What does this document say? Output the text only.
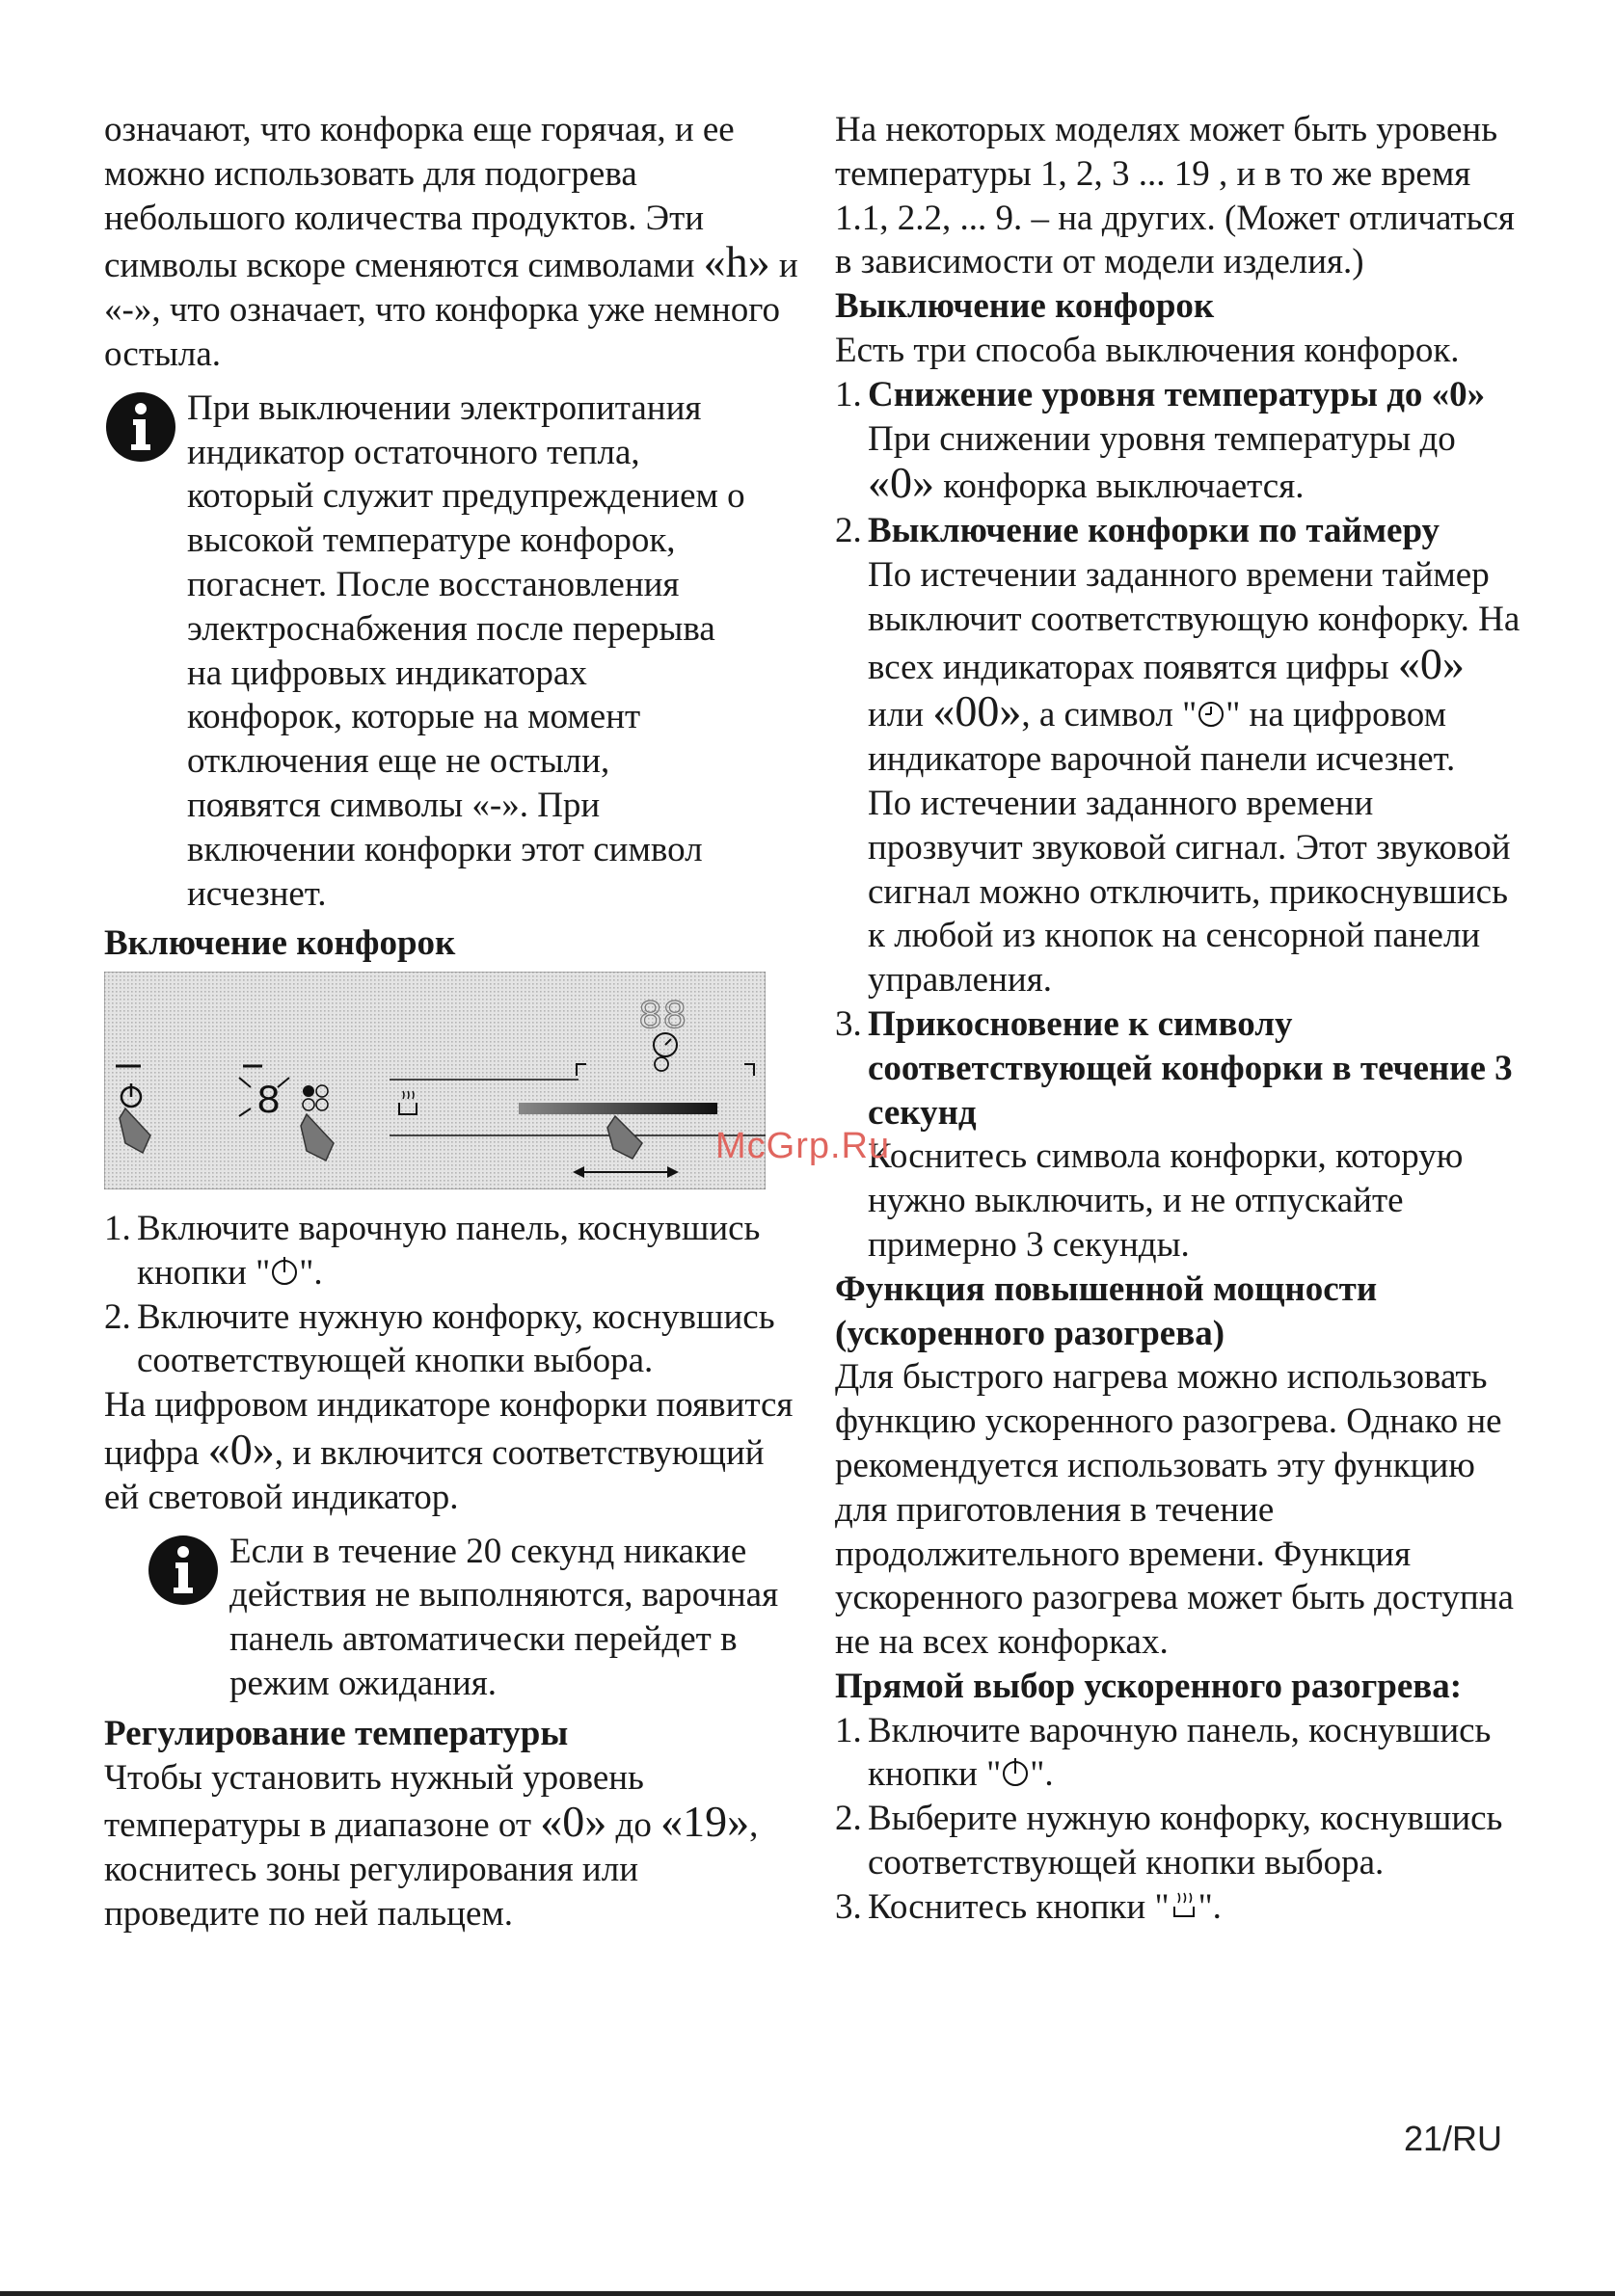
означают, что конфорка еще горячая, и ее можно использовать для подогрева небольшого количества продуктов. Эти символы вскоре сменяются символами «h» и «-», что означает, что конфорка уже немного остыла.

При выключении электропитания индикатор остаточного тепла, который служит предупреждением о высокой температуре конфорок, погаснет. После восстановления электроснабжения после перерыва на цифровых индикаторах конфорок, которые на момент отключения еще не остыли, появятся символы «-». При включении конфорки этот символ исчезнет.

Включение конфорок

8
88
1. Включите варочную панель, коснувшись кнопки " ".
2. Включите нужную конфорку, коснувшись соответствующей кнопки выбора.

На цифровом индикаторе конфорки появится цифра «0», и включится соответствующий ей световой индикатор.

Если в течение 20 секунд никакие действия не выполняются, варочная панель автоматически перейдет в режим ожидания.

Регулирование температуры

Чтобы установить нужный уровень температуры в диапазоне от «0» до «19», коснитесь зоны регулирования или проведите по ней пальцем.

На некоторых моделях может быть уровень температуры 1, 2, 3 ... 19 , и в то же время 1.1, 2.2, ... 9. – на других. (Может отличаться в зависимости от модели изделия.)

Выключение конфорок

Есть три способа выключения конфорок.

1. Снижение уровня температуры до «0»
При снижении уровня температуры до «0» конфорка выключается.
2. Выключение конфорки по таймеру
По истечении заданного времени таймер выключит соответствующую конфорку. На всех индикаторах появятся цифры «0» или «00», а символ " " на цифровом индикаторе варочной панели исчезнет.
По истечении заданного времени прозвучит звуковой сигнал. Этот звуковой сигнал можно отключить, прикоснувшись к любой из кнопок на сенсорной панели управления.
3. Прикосновение к символу соответствующей конфорки в течение 3 секунд
Коснитесь символа конфорки, которую нужно выключить, и не отпускайте примерно 3 секунды.

Функция повышенной мощности (ускоренного разогрева)

Для быстрого нагрева можно использовать функцию ускоренного разогрева. Однако не рекомендуется использовать эту функцию для приготовления в течение продолжительного времени. Функция ускоренного разогрева может быть доступна не на всех конфорках.

Прямой выбор ускоренного разогрева:

1. Включите варочную панель, коснувшись кнопки " ".
2. Выберите нужную конфорку, коснувшись соответствующей кнопки выбора.
3. Коснитесь кнопки " ".
McGrp.Ru
21/RU
